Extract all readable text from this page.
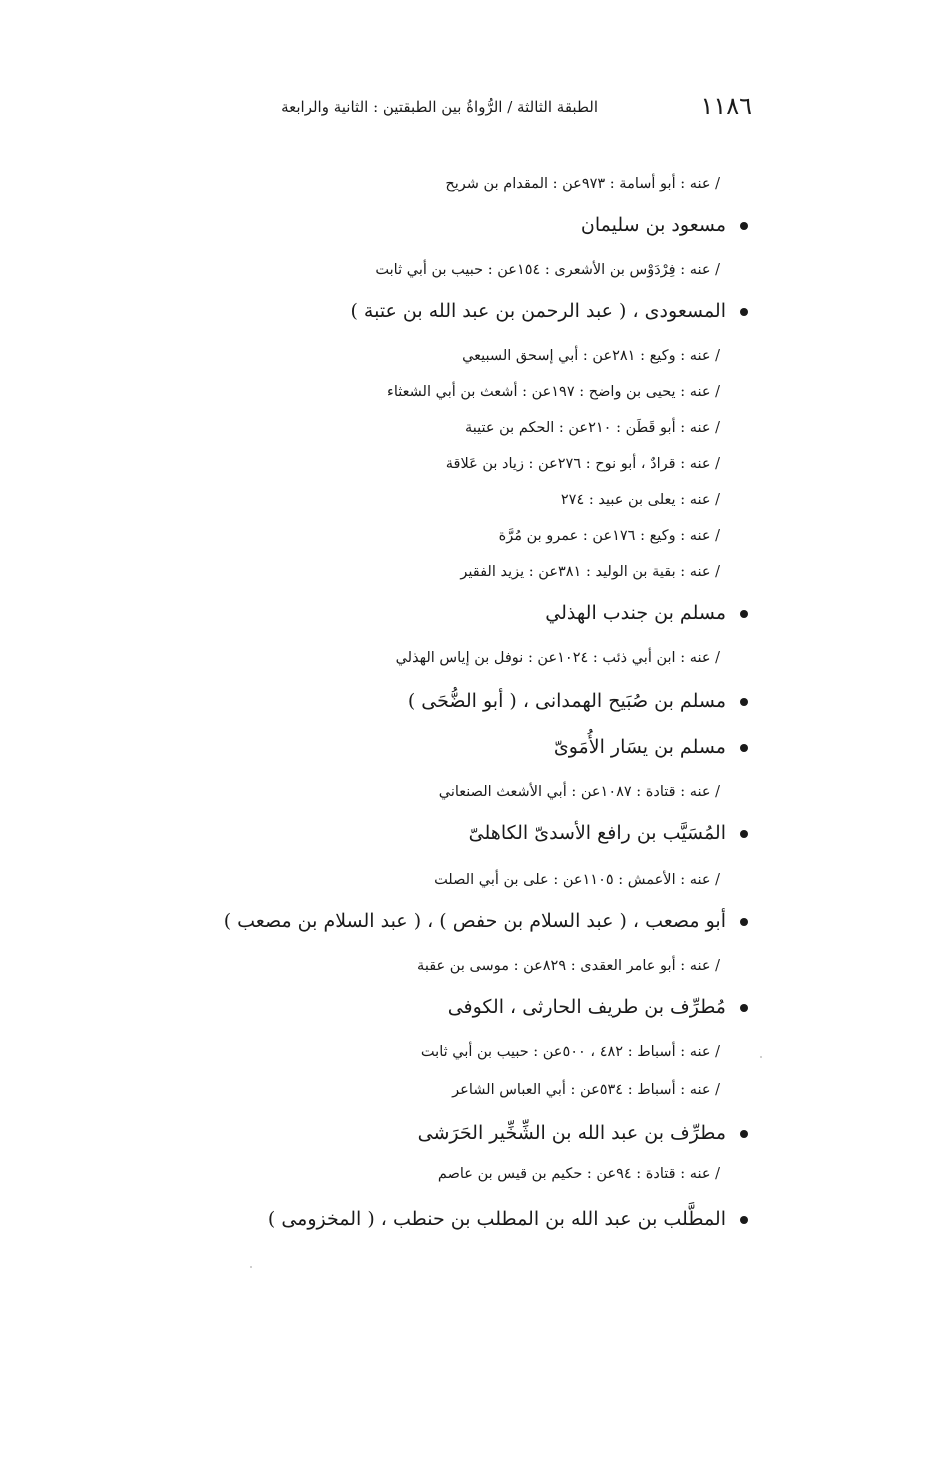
١١٨٦
الطبقة الثالثة / الرُّواةُ بين الطبقتين : الثانية والرابعة
عن : المقدام بن شريح/ عنه : أبو أسامة : ٩٧٣
مسعود بن سليمان
عن : حبيب بن أبي ثابت/ عنه : فِرْدَوْس بن الأشعرى : ١٥٤
المسعودى ، ( عبد الرحمن بن عبد الله بن عتبة )
عن : أبي إسحق السبيعي/ عنه : وكيع : ٢٨١
عن : أشعث بن أبي الشعثاء/ عنه : يحيى بن واضح : ١٩٧
عن : الحكم بن عتيبة/ عنه : أبو قَطَن : ٢١٠
عن : زياد بن عَلاقة/ عنه : قرادٌ ، أبو نوح : ٢٧٦
/ عنه : يعلى بن عبيد : ٢٧٤
عن : عمرو بن مُرَّة/ عنه : وكيع : ١٧٦
عن : يزيد الفقير/ عنه : بقية بن الوليد : ٣٨١
مسلم بن جندب الهذلي
عن : نوفل بن إياس الهذلي/ عنه : ابن أبي ذئب : ١٠٢٤
مسلم بن صُبَيح الهمدانى ، ( أبو الضُّحَى )
مسلم بن يسَار الأُمَوىّ
عن : أبي الأشعث الصنعاني/ عنه : قتادة : ١٠٨٧
المُسَيَّب بن رافع الأسدىّ الكاهلىّ
عن : على بن أبي الصلت/ عنه : الأعمش : ١١٠٥
أبو مصعب ، ( عبد السلام بن حفص ) ، ( عبد السلام بن مصعب )
عن : موسى بن عقبة/ عنه : أبو عامر العقدى : ٨٢٩
مُطرِّف بن طريف الحارثى ، الكوفى
عن : حبيب بن أبي ثابت/ عنه : أسباط : ٤٨٢ ، ٥٠٠
عن : أبي العباس الشاعر/ عنه : أسباط : ٥٣٤
مطرِّف بن عبد الله بن الشِّخِّير الحَرَشى
عن : حكيم بن قيس بن عاصم/ عنه : قتادة : ٩٤
المطَّلب بن عبد الله بن المطلب بن حنطب ، ( المخزومى )
